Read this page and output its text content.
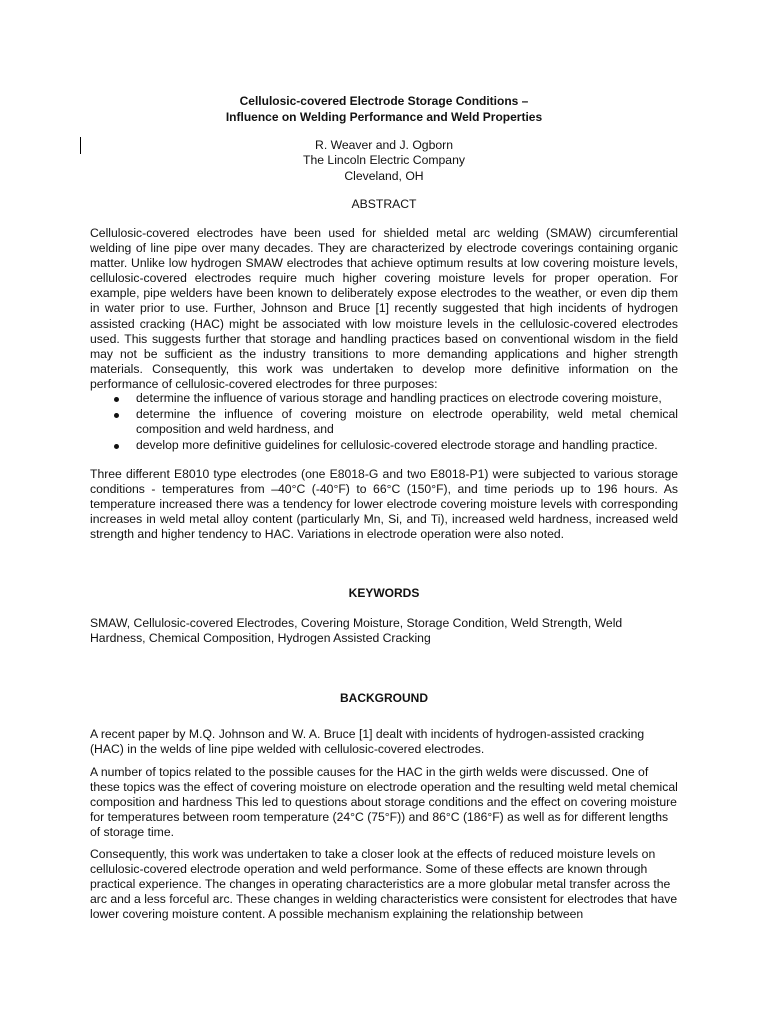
Cellulosic-covered Electrode Storage Conditions –
Influence on Welding Performance and Weld Properties
R. Weaver and J. Ogborn
The Lincoln Electric Company
Cleveland, OH
ABSTRACT

Cellulosic-covered electrodes have been used for shielded metal arc welding (SMAW) circumferential welding of line pipe over many decades. They are characterized by electrode coverings containing organic matter. Unlike low hydrogen SMAW electrodes that achieve optimum results at low covering moisture levels, cellulosic-covered electrodes require much higher covering moisture levels for proper operation. For example, pipe welders have been known to deliberately expose electrodes to the weather, or even dip them in water prior to use. Further, Johnson and Bruce [1] recently suggested that high incidents of hydrogen assisted cracking (HAC) might be associated with low moisture levels in the cellulosic-covered electrodes used. This suggests further that storage and handling practices based on conventional wisdom in the field may not be sufficient as the industry transitions to more demanding applications and higher strength materials. Consequently, this work was undertaken to develop more definitive information on the performance of cellulosic-covered electrodes for three purposes:

determine the influence of various storage and handling practices on electrode covering moisture,
determine the influence of covering moisture on electrode operability, weld metal chemical composition and weld hardness, and
develop more definitive guidelines for cellulosic-covered electrode storage and handling practice.

Three different E8010 type electrodes (one E8018-G and two E8018-P1) were subjected to various storage conditions - temperatures from –40°C (-40°F) to 66°C (150°F), and time periods up to 196 hours. As temperature increased there was a tendency for lower electrode covering moisture levels with corresponding increases in weld metal alloy content (particularly Mn, Si, and Ti), increased weld hardness, increased weld strength and higher tendency to HAC. Variations in electrode operation were also noted.

KEYWORDS

SMAW, Cellulosic-covered Electrodes, Covering Moisture, Storage Condition, Weld Strength, Weld Hardness, Chemical Composition, Hydrogen Assisted Cracking

BACKGROUND

A recent paper by M.Q. Johnson and W. A. Bruce [1] dealt with incidents of hydrogen-assisted cracking (HAC) in the welds of line pipe welded with cellulosic-covered electrodes.

A number of topics related to the possible causes for the HAC in the girth welds were discussed. One of these topics was the effect of covering moisture on electrode operation and the resulting weld metal chemical composition and hardness This led to questions about storage conditions and the effect on covering moisture for temperatures between room temperature (24°C (75°F)) and 86°C (186°F) as well as for different lengths of storage time.

Consequently, this work was undertaken to take a closer look at the effects of reduced moisture levels on cellulosic-covered electrode operation and weld performance. Some of these effects are known through practical experience. The changes in operating characteristics are a more globular metal transfer across the arc and a less forceful arc. These changes in welding characteristics were consistent for electrodes that have lower covering moisture content. A possible mechanism explaining the relationship between
